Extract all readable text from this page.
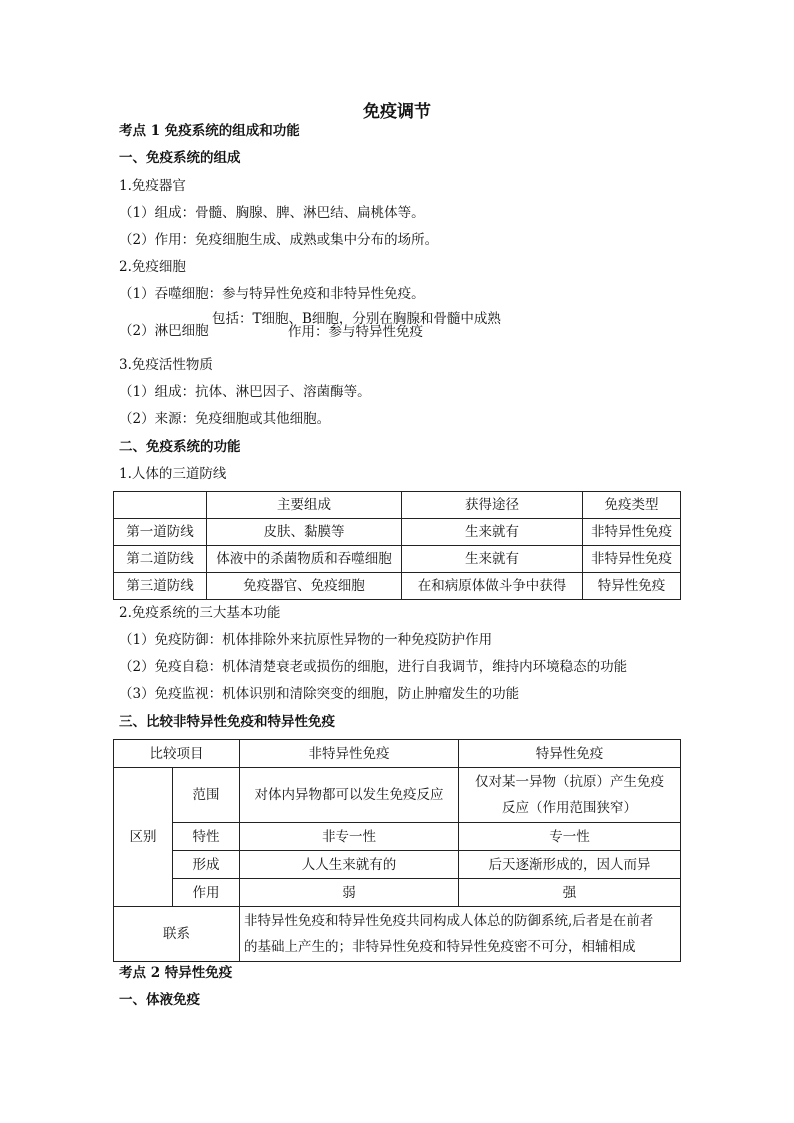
免疫调节
考点 1 免疫系统的组成和功能
一、免疫系统的组成
1.免疫器官
（1）组成：骨髓、胸腺、脾、淋巴结、扁桃体等。
（2）作用：免疫细胞生成、成熟或集中分布的场所。
2.免疫细胞
（1）吞噬细胞：参与特异性免疫和非特异性免疫。
（2）淋巴细胞
包括：T细胞、B细胞，分别在胸腺和骨髓中成熟
作用：参与特异性免疫
3.免疫活性物质
（1）组成：抗体、淋巴因子、溶菌酶等。
（2）来源：免疫细胞或其他细胞。
二、免疫系统的功能
1.人体的三道防线
	主要组成	获得途径	免疫类型
第一道防线	皮肤、黏膜等	生来就有	非特异性免疫
第二道防线	体液中的杀菌物质和吞噬细胞	生来就有	非特异性免疫
第三道防线	免疫器官、免疫细胞	在和病原体做斗争中获得	特异性免疫
2.免疫系统的三大基本功能
（1）免疫防御：机体排除外来抗原性异物的一种免疫防护作用
（2）免疫自稳：机体清楚衰老或损伤的细胞，进行自我调节，维持内环境稳态的功能
（3）免疫监视：机体识别和清除突变的细胞，防止肿瘤发生的功能
三、比较非特异性免疫和特异性免疫
比较项目		非特异性免疫	特异性免疫
区别	范围	对体内异物都可以发生免疫反应	仅对某一异物（抗原）产生免疫
反应（作用范围狭窄）

	特性	非专一性	专一性
	形成	人人生来就有的	后天逐渐形成的，因人而异
	作用	弱	强
联系		非特异性免疫和特异性免疫共同构成人体总的防御系统,后者是在前者
的基础上产生的；非特异性免疫和特异性免疫密不可分，相辅相成	
考点 2 特异性免疫
一、体液免疫
